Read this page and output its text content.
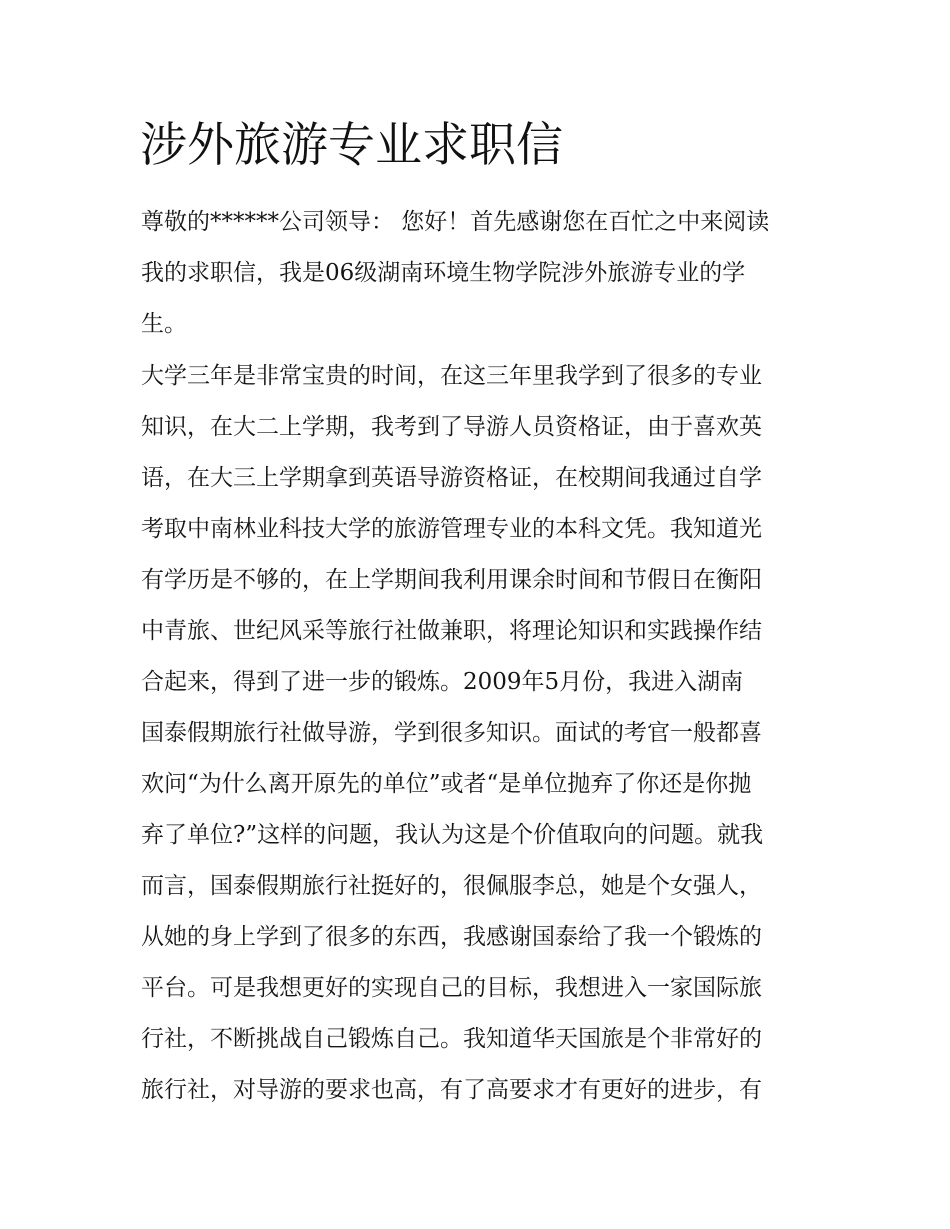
涉外旅游专业求职信

尊敬的******公司领导： 您好！首先感谢您在百忙之中来阅读

我的求职信，我是06级湖南环境生物学院涉外旅游专业的学

生。

大学三年是非常宝贵的时间，在这三年里我学到了很多的专业

知识，在大二上学期，我考到了导游人员资格证，由于喜欢英

语，在大三上学期拿到英语导游资格证，在校期间我通过自学

考取中南林业科技大学的旅游管理专业的本科文凭。我知道光

有学历是不够的，在上学期间我利用课余时间和节假日在衡阳

中青旅、世纪风采等旅行社做兼职，将理论知识和实践操作结

合起来，得到了进一步的锻炼。2009年5月份，我进入湖南

国泰假期旅行社做导游，学到很多知识。面试的考官一般都喜

欢问“为什么离开原先的单位”或者“是单位抛弃了你还是你抛

弃了单位?”这样的问题，我认为这是个价值取向的问题。就我

而言，国泰假期旅行社挺好的，很佩服李总，她是个女强人，

从她的身上学到了很多的东西，我感谢国泰给了我一个锻炼的

平台。可是我想更好的实现自己的目标，我想进入一家国际旅

行社，不断挑战自己锻炼自己。我知道华天国旅是个非常好的

旅行社，对导游的要求也高，有了高要求才有更好的进步，有
